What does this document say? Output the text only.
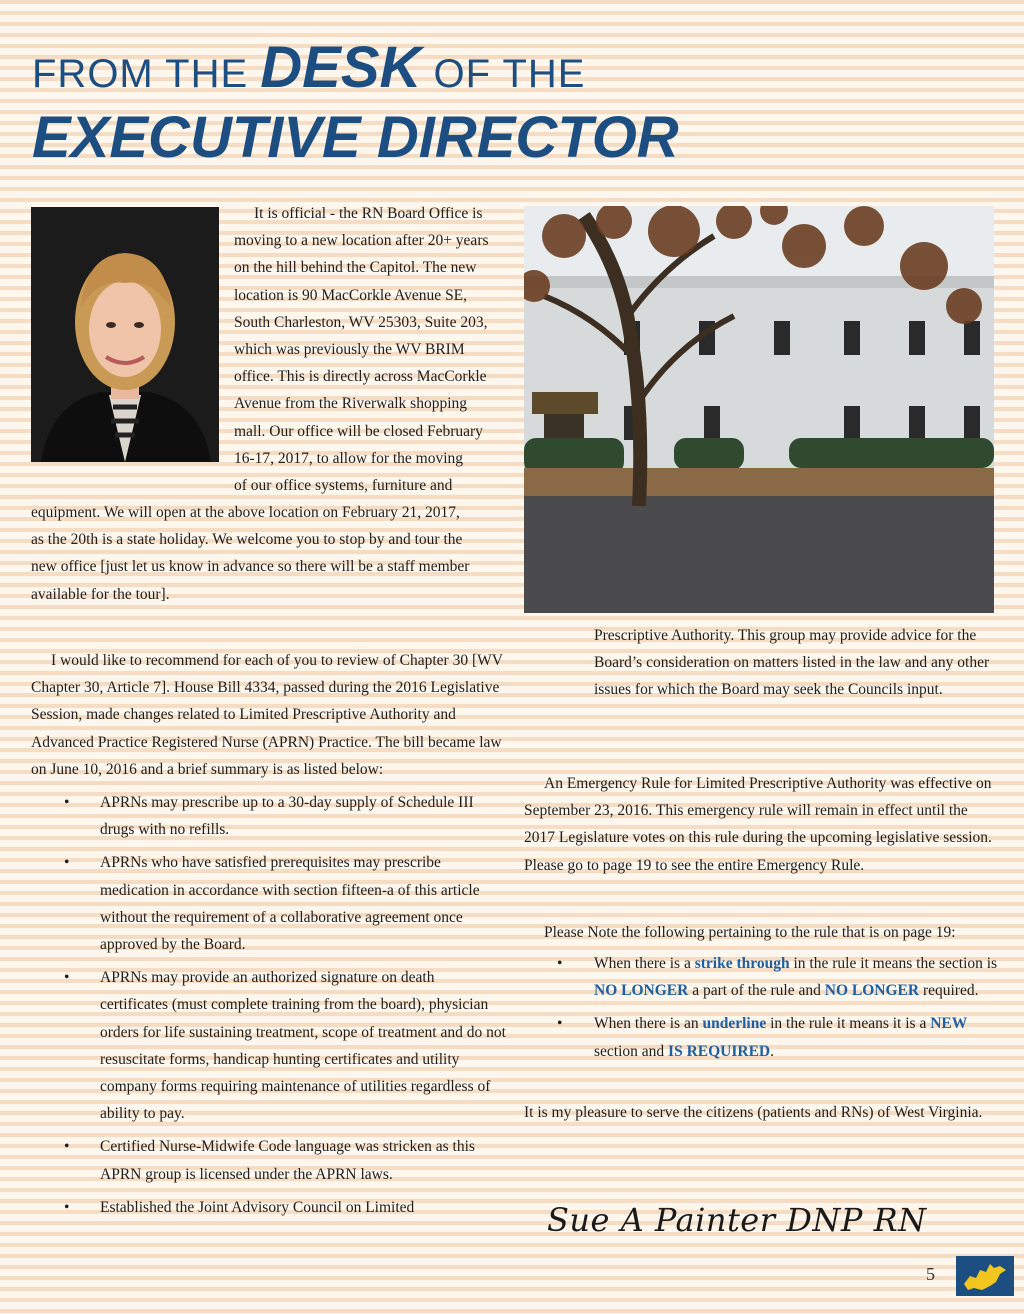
FROM THE DESK OF THE
EXECUTIVE DIRECTOR

It is official - the RN Board Office is

moving to a new location after 20+ years

on the hill behind the Capitol. The new

location is 90 MacCorkle Avenue SE,

South Charleston, WV 25303, Suite 203,

which was previously the WV BRIM

office. This is directly across MacCorkle

Avenue from the Riverwalk shopping

mall. Our office will be closed February

16-17, 2017, to allow for the moving

of our office systems, furniture and

equipment. We will open at the above location on February 21, 2017,

as the 20th is a state holiday. We welcome you to stop by and tour the

new office [just let us know in advance so there will be a staff member

available for the tour].

I would like to recommend for each of you to review of Chapter 30 [WV Chapter 30, Article 7]. House Bill 4334, passed during the 2016 Legislative Session, made changes related to Limited Prescriptive Authority and Advanced Practice Registered Nurse (APRN) Practice. The bill became law on June 10, 2016 and a brief summary is as listed below:

• APRNs may prescribe up to a 30-day supply of Schedule III drugs with no refills.
• APRNs who have satisfied prerequisites may prescribe medication in accordance with section fifteen-a of this article without the requirement of a collaborative agreement once approved by the Board.
• APRNs may provide an authorized signature on death certificates (must complete training from the board), physician orders for life sustaining treatment, scope of treatment and do not resuscitate forms, handicap hunting certificates and utility company forms requiring maintenance of utilities regardless of ability to pay.
• Certified Nurse-Midwife Code language was stricken as this APRN group is licensed under the APRN laws.
• Established the Joint Advisory Council on Limited

Prescriptive Authority. This group may provide advice for the Board’s consideration on matters listed in the law and any other issues for which the Board may seek the Councils input.

An Emergency Rule for Limited Prescriptive Authority was effective on September 23, 2016. This emergency rule will remain in effect until the 2017 Legislature votes on this rule during the upcoming legislative session. Please go to page 19 to see the entire Emergency Rule.

Please Note the following pertaining to the rule that is on page 19:

• When there is a strike through in the rule it means the section is NO LONGER a part of the rule and NO LONGER required.
• When there is an underline in the rule it means it is a NEW section and IS REQUIRED.

It is my pleasure to serve the citizens (patients and RNs) of West Virginia.

Sue A Painter DNP RN
5
